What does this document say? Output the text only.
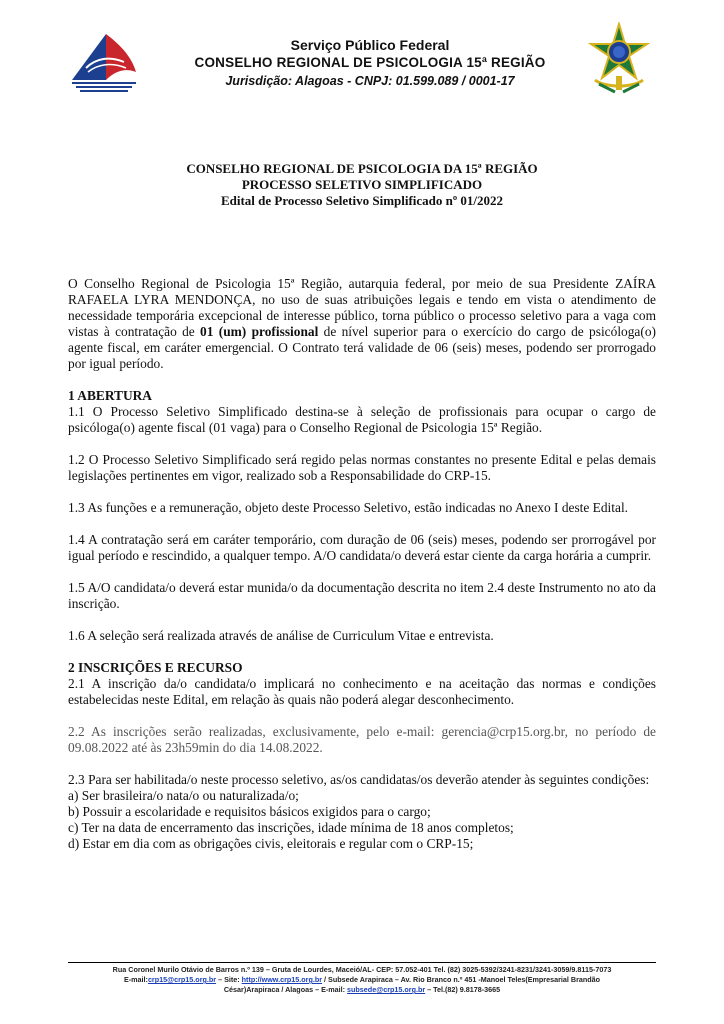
Serviço Público Federal
CONSELHO REGIONAL DE PSICOLOGIA 15ª REGIÃO
Jurisdição: Alagoas - CNPJ: 01.599.089 / 0001-17
CONSELHO REGIONAL DE PSICOLOGIA DA 15ª REGIÃO
PROCESSO SELETIVO SIMPLIFICADO
Edital de Processo Seletivo Simplificado nº 01/2022

O Conselho Regional de Psicologia 15ª Região, autarquia federal, por meio de sua Presidente ZAÍRA RAFAELA LYRA MENDONÇA, no uso de suas atribuições legais e tendo em vista o atendimento de necessidade temporária excepcional de interesse público, torna público o processo seletivo para a vaga com vistas à contratação de 01 (um) profissional de nível superior para o exercício do cargo de psicóloga(o) agente fiscal, em caráter emergencial. O Contrato terá validade de 06 (seis) meses, podendo ser prorrogado por igual período.

1 ABERTURA

1.1 O Processo Seletivo Simplificado destina-se à seleção de profissionais para ocupar o cargo de psicóloga(o) agente fiscal (01 vaga) para o Conselho Regional de Psicologia 15ª Região.

1.2 O Processo Seletivo Simplificado será regido pelas normas constantes no presente Edital e pelas demais legislações pertinentes em vigor, realizado sob a Responsabilidade do CRP-15.

1.3 As funções e a remuneração, objeto deste Processo Seletivo, estão indicadas no Anexo I deste Edital.

1.4 A contratação será em caráter temporário, com duração de 06 (seis) meses, podendo ser prorrogável por igual período e rescindido, a qualquer tempo. A/O candidata/o deverá estar ciente da carga horária a cumprir.

1.5 A/O candidata/o deverá estar munida/o da documentação descrita no item 2.4 deste Instrumento no ato da inscrição.

1.6 A seleção será realizada através de análise de Curriculum Vitae e entrevista.

2 INSCRIÇÕES E RECURSO

2.1 A inscrição da/o candidata/o implicará no conhecimento e na aceitação das normas e condições estabelecidas neste Edital, em relação às quais não poderá alegar desconhecimento.

2.2 As inscrições serão realizadas, exclusivamente, pelo e-mail: gerencia@crp15.org.br, no período de 09.08.2022 até às 23h59min do dia 14.08.2022.

2.3 Para ser habilitada/o neste processo seletivo, as/os candidatas/os deverão atender às seguintes condições:

a) Ser brasileira/o nata/o ou naturalizada/o;

b) Possuir a escolaridade e requisitos básicos exigidos para o cargo;

c) Ter na data de encerramento das inscrições, idade mínima de 18 anos completos;

d) Estar em dia com as obrigações civis, eleitorais e regular com o CRP-15;

Rua Coronel Murilo Otávio de Barros n.º 139 – Gruta de Lourdes, Maceió/AL- CEP: 57.052-401 Tel. (82) 3025-5392/3241-8231/3241-3059/9.8115-7073
E-mail:crp15@crp15.org.br – Site: http://www.crp15.org.br / Subsede Arapiraca – Av. Rio Branco n.º 451 -Manoel Teles(Empresarial Brandão
César)Arapiraca / Alagoas – E-mail: subsede@crp15.org.br – Tel.(82) 9.8178-3665
